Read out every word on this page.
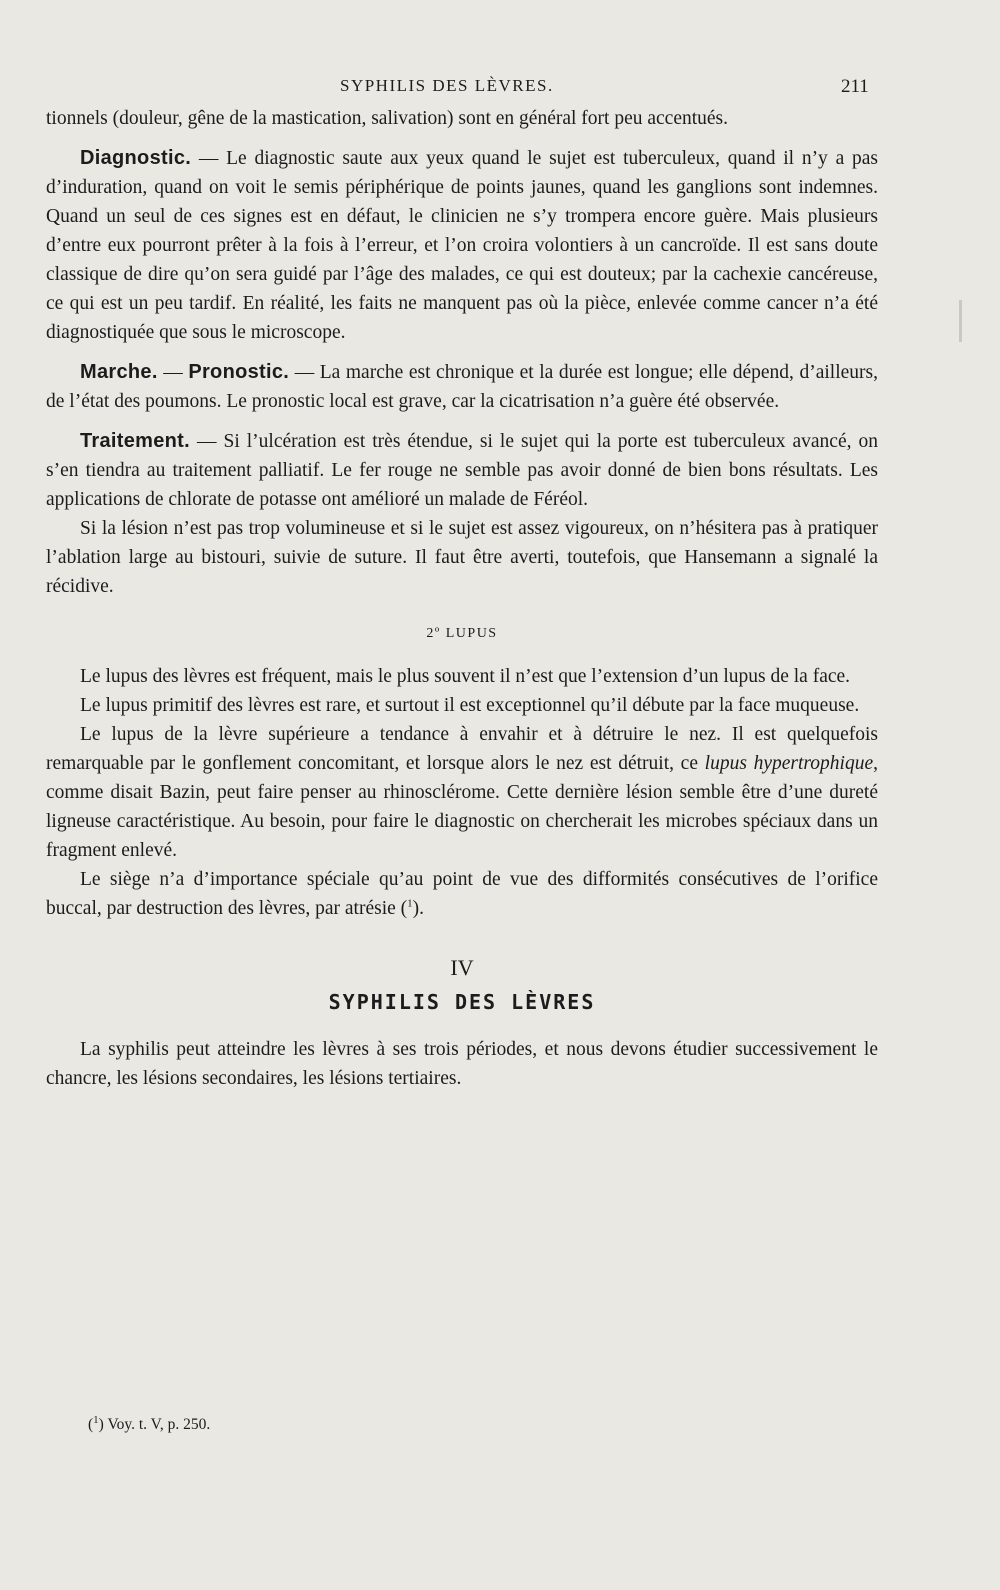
SYPHILIS DES LÈVRES.	211

tionnels (douleur, gêne de la mastication, salivation) sont en général fort peu accentués.

Diagnostic. — Le diagnostic saute aux yeux quand le sujet est tuberculeux, quand il n’y a pas d’induration, quand on voit le semis périphérique de points jaunes, quand les ganglions sont indemnes. Quand un seul de ces signes est en défaut, le clinicien ne s’y trompera encore guère. Mais plusieurs d’entre eux pourront prêter à la fois à l’erreur, et l’on croira volontiers à un cancroïde. Il est sans doute classique de dire qu’on sera guidé par l’âge des malades, ce qui est douteux; par la cachexie cancéreuse, ce qui est un peu tardif. En réalité, les faits ne manquent pas où la pièce, enlevée comme cancer n’a été diagnostiquée que sous le microscope.

Marche. — Pronostic. — La marche est chronique et la durée est longue; elle dépend, d’ailleurs, de l’état des poumons. Le pronostic local est grave, car la cicatrisation n’a guère été observée.

Traitement. — Si l’ulcération est très étendue, si le sujet qui la porte est tuberculeux avancé, on s’en tiendra au traitement palliatif. Le fer rouge ne semble pas avoir donné de bien bons résultats. Les applications de chlorate de potasse ont amélioré un malade de Féréol.

Si la lésion n’est pas trop volumineuse et si le sujet est assez vigoureux, on n’hésitera pas à pratiquer l’ablation large au bistouri, suivie de suture. Il faut être averti, toutefois, que Hansemann a signalé la récidive.

2º LUPUS

Le lupus des lèvres est fréquent, mais le plus souvent il n’est que l’extension d’un lupus de la face.

Le lupus primitif des lèvres est rare, et surtout il est exceptionnel qu’il débute par la face muqueuse.

Le lupus de la lèvre supérieure a tendance à envahir et à détruire le nez. Il est quelquefois remarquable par le gonflement concomitant, et lorsque alors le nez est détruit, ce lupus hypertrophique, comme disait Bazin, peut faire penser au rhinosclérome. Cette dernière lésion semble être d’une dureté ligneuse caractéristique. Au besoin, pour faire le diagnostic on chercherait les microbes spéciaux dans un fragment enlevé.

Le siège n’a d’importance spéciale qu’au point de vue des difformités consécutives de l’orifice buccal, par destruction des lèvres, par atrésie ($^1$).

IV
SYPHILIS DES LÈVRES

La syphilis peut atteindre les lèvres à ses trois périodes, et nous devons étudier successivement le chancre, les lésions secondaires, les lésions tertiaires.

($^1$) Voy. t. V, p. 250.
